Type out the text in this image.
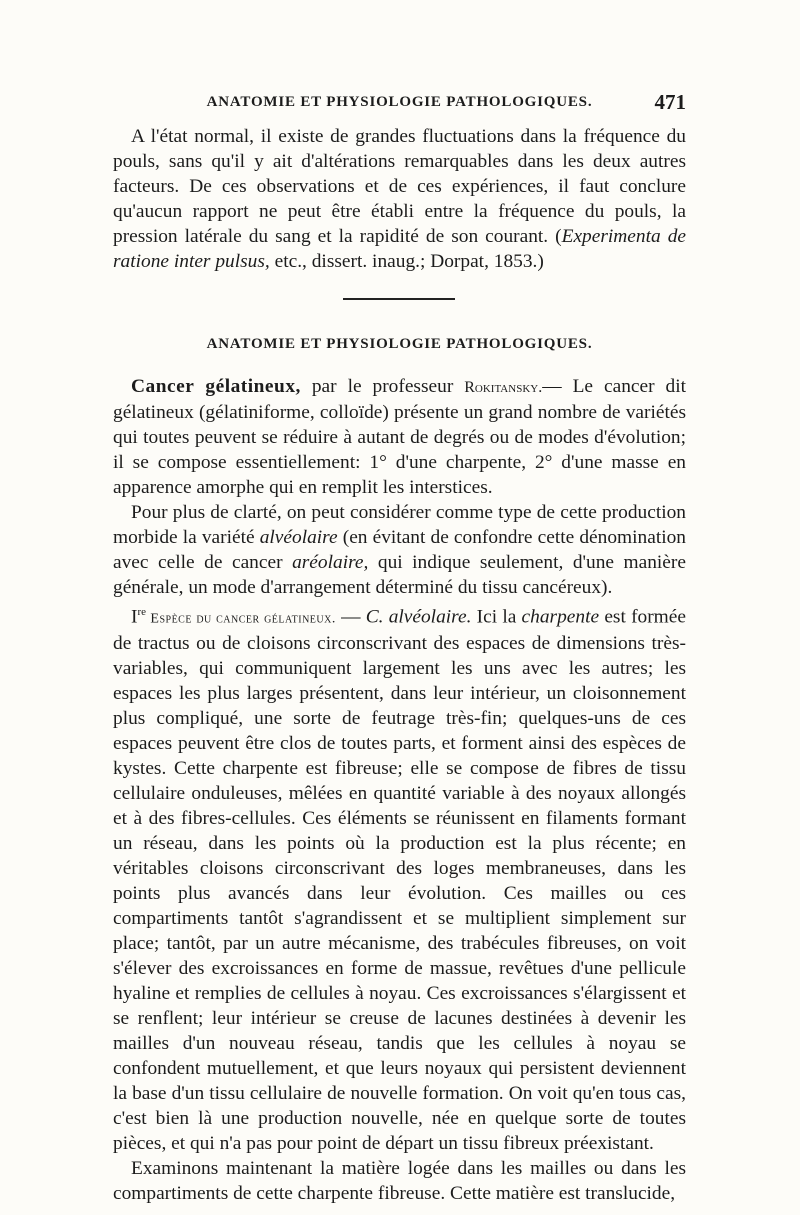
ANATOMIE ET PHYSIOLOGIE PATHOLOGIQUES.	471

A l'état normal, il existe de grandes fluctuations dans la fréquence du pouls, sans qu'il y ait d'altérations remarquables dans les deux autres facteurs. De ces observations et de ces expériences, il faut conclure qu'aucun rapport ne peut être établi entre la fréquence du pouls, la pression latérale du sang et la rapidité de son courant. (Experimenta de ratione inter pulsus, etc., dissert. inaug.; Dorpat, 1853.)

ANATOMIE ET PHYSIOLOGIE PATHOLOGIQUES.

Cancer gélatineux, par le professeur Rokitansky.— Le cancer dit gélatineux (gélatiniforme, colloïde) présente un grand nombre de variétés qui toutes peuvent se réduire à autant de degrés ou de modes d'évolution; il se compose essentiellement: 1° d'une charpente, 2° d'une masse en apparence amorphe qui en remplit les interstices.

Pour plus de clarté, on peut considérer comme type de cette production morbide la variété alvéolaire (en évitant de confondre cette dénomination avec celle de cancer aréolaire, qui indique seulement, d'une manière générale, un mode d'arrangement déterminé du tissu cancéreux).

Ire Espèce du cancer gélatineux. — C. alvéolaire. Ici la charpente est formée de tractus ou de cloisons circonscrivant des espaces de dimensions très-variables, qui communiquent largement les uns avec les autres; les espaces les plus larges présentent, dans leur intérieur, un cloisonnement plus compliqué, une sorte de feutrage très-fin; quelques-uns de ces espaces peuvent être clos de toutes parts, et forment ainsi des espèces de kystes. Cette charpente est fibreuse; elle se compose de fibres de tissu cellulaire onduleuses, mêlées en quantité variable à des noyaux allongés et à des fibres-cellules. Ces éléments se réunissent en filaments formant un réseau, dans les points où la production est la plus récente; en véritables cloisons circonscrivant des loges membraneuses, dans les points plus avancés dans leur évolution. Ces mailles ou ces compartiments tantôt s'agrandissent et se multiplient simplement sur place; tantôt, par un autre mécanisme, des trabécules fibreuses, on voit s'élever des excroissances en forme de massue, revêtues d'une pellicule hyaline et remplies de cellules à noyau. Ces excroissances s'élargissent et se renflent; leur intérieur se creuse de lacunes destinées à devenir les mailles d'un nouveau réseau, tandis que les cellules à noyau se confondent mutuellement, et que leurs noyaux qui persistent deviennent la base d'un tissu cellulaire de nouvelle formation. On voit qu'en tous cas, c'est bien là une production nouvelle, née en quelque sorte de toutes pièces, et qui n'a pas pour point de départ un tissu fibreux préexistant.

Examinons maintenant la matière logée dans les mailles ou dans les compartiments de cette charpente fibreuse. Cette matière est translucide,
